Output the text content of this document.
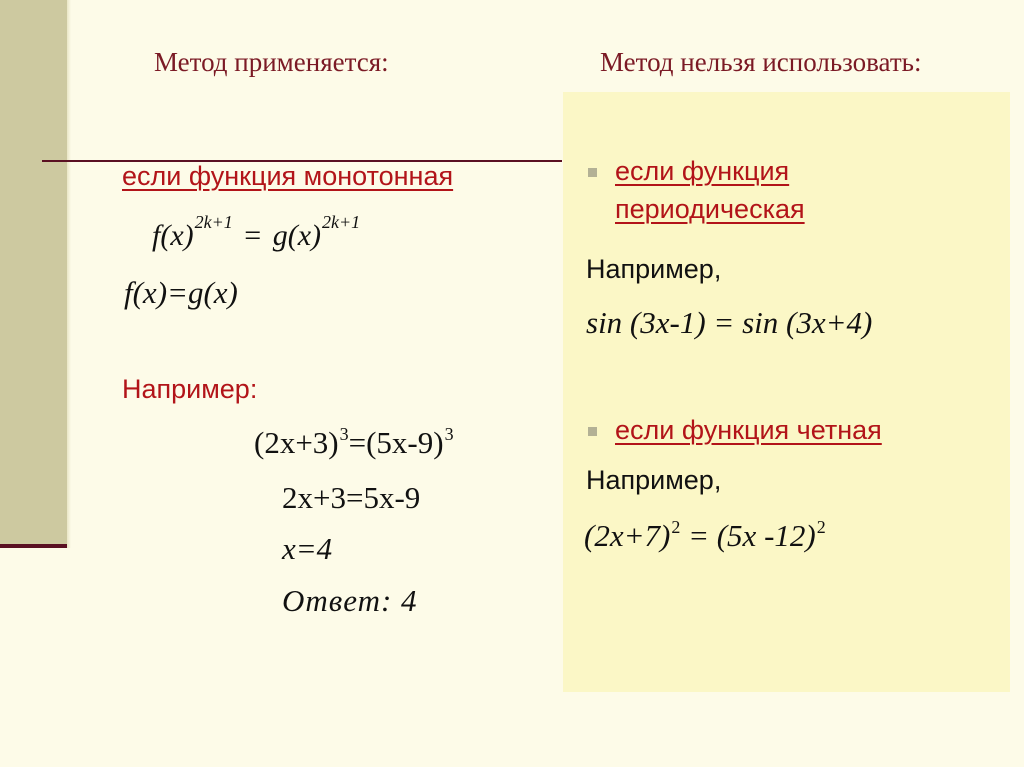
Метод применяется:	Метод нельзя использовать:
если функция монотонная
$f(x)^{2k+1} = g(x)^{2k+1}$
f(x)=g(x)
Например:
$(2x+3)^3=(5x-9)^3$
2x+3=5x-9
x=4
Ответ: 4
если функция
периодическая
Например,
sin (3x-1) = sin (3x+4)
если функция четная
Например,
$(2x+7)^2 = (5x$ -12)$^2$
